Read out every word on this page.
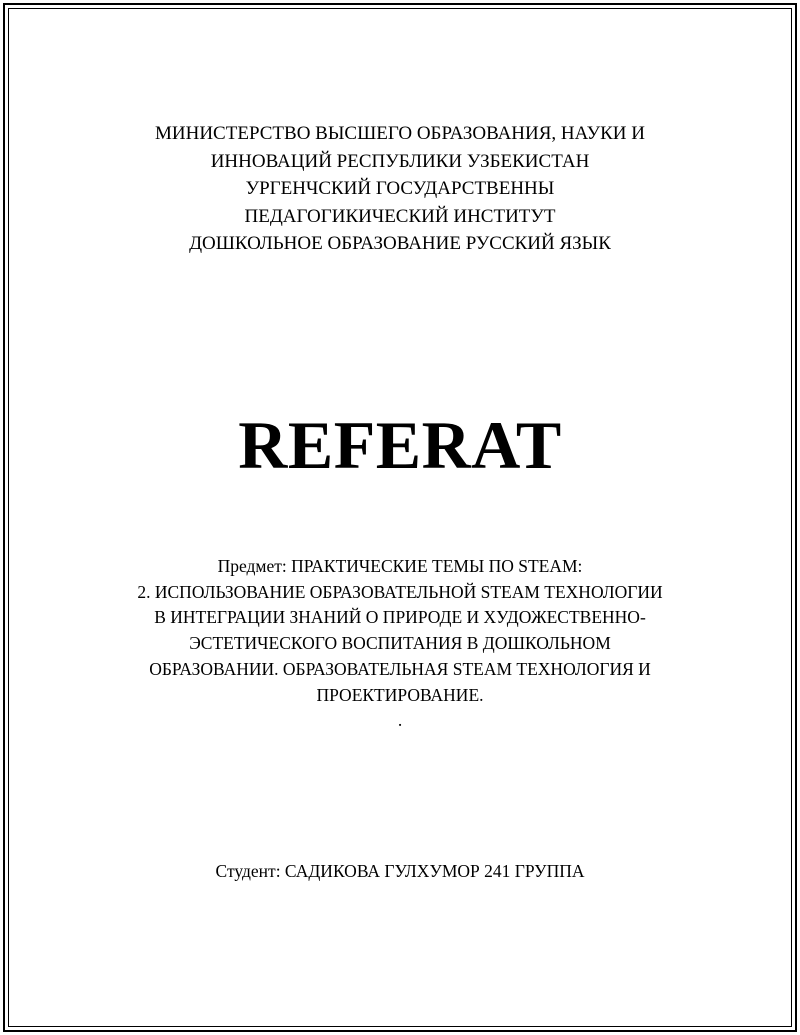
МИНИСТЕРСТВО ВЫСШЕГО ОБРАЗОВАНИЯ, НАУКИ И
ИННОВАЦИЙ РЕСПУБЛИКИ УЗБЕКИСТАН
УРГЕНЧСКИЙ ГОСУДАРСТВЕННЫ
ПЕДАГОГИКИЧЕСКИЙ ИНСТИТУТ
ДОШКОЛЬНОЕ ОБРАЗОВАНИЕ РУССКИЙ ЯЗЫК
REFERAT
Предмет: ПРАКТИЧЕСКИЕ ТЕМЫ ПО STEAM:
2. ИСПОЛЬЗОВАНИЕ ОБРАЗОВАТЕЛЬНОЙ STEAM ТЕХНОЛОГИИ
В ИНТЕГРАЦИИ ЗНАНИЙ О ПРИРОДЕ И ХУДОЖЕСТВЕННО-
ЭСТЕТИЧЕСКОГО ВОСПИТАНИЯ В ДОШКОЛЬНОМ
ОБРАЗОВАНИИ. ОБРАЗОВАТЕЛЬНАЯ STEAM ТЕХНОЛОГИЯ И
ПРОЕКТИРОВАНИЕ.
.
Студент: САДИКОВА ГУЛХУМОР 241 ГРУППА
